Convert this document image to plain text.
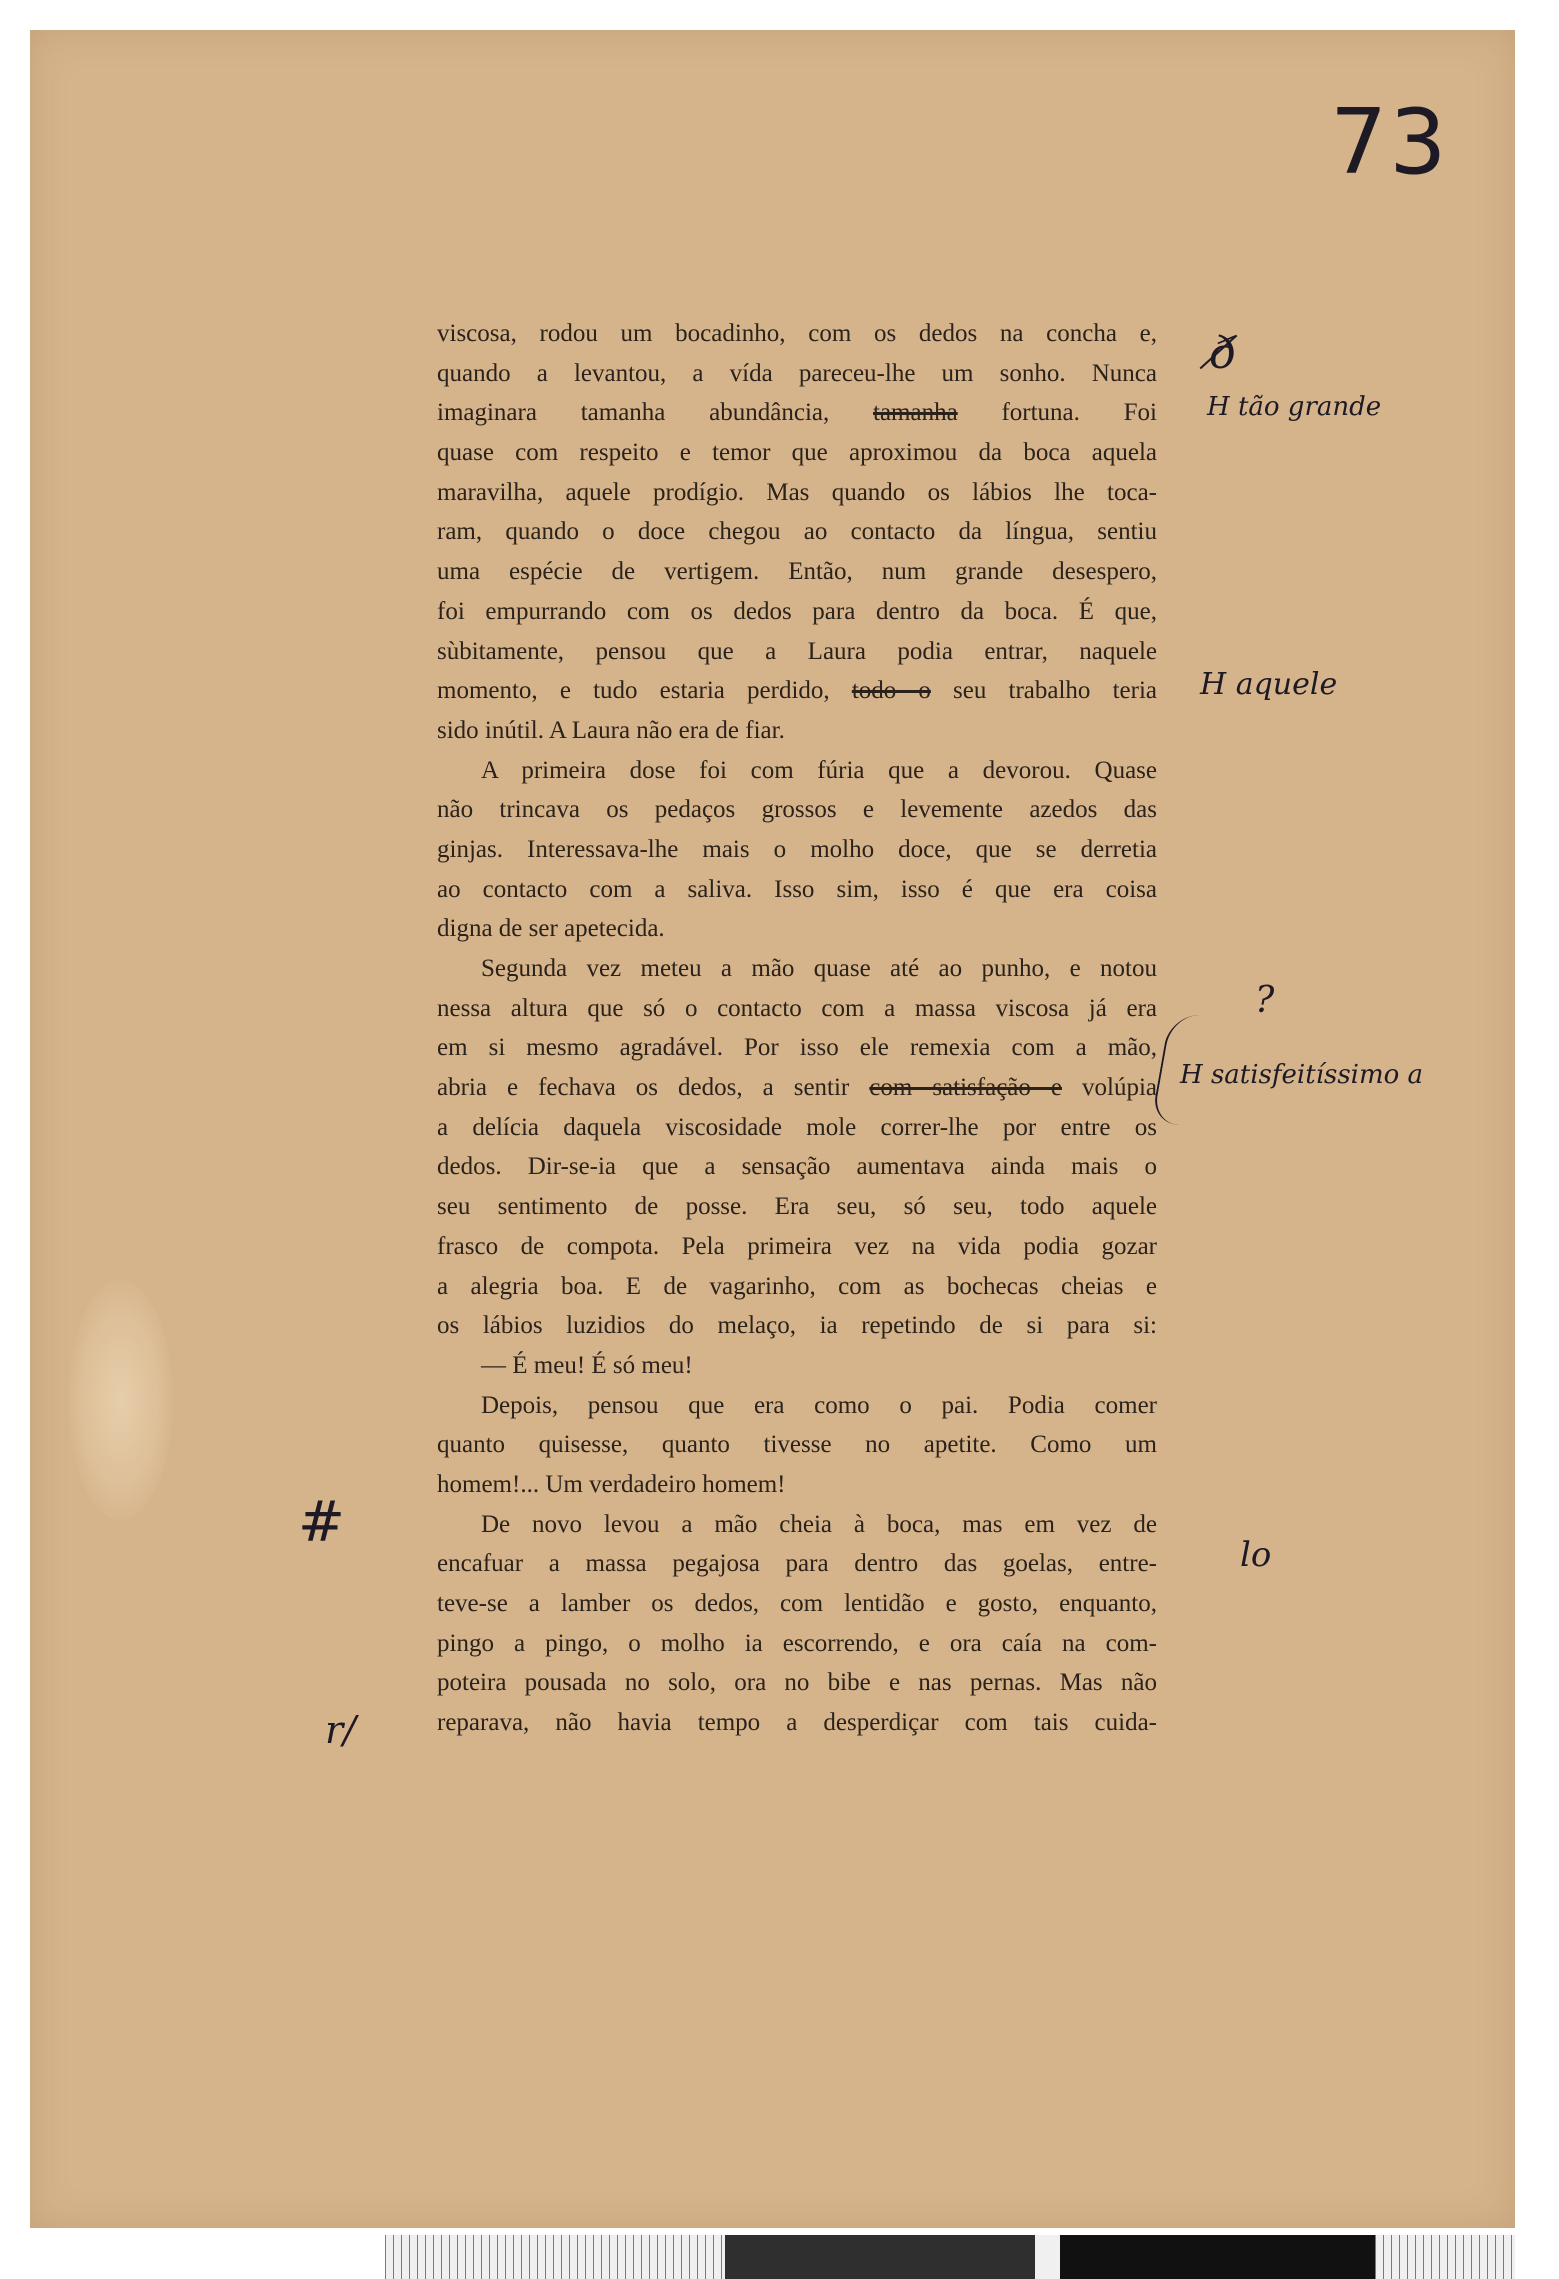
73
viscosa, rodou um bocadinho, com os dedos na concha e,
quando a levantou, a vída pareceu-lhe um sonho. Nunca
imaginara tamanha abundância, tamanha fortuna. Foi
quase com respeito e temor que aproximou da boca aquela
maravilha, aquele prodígio. Mas quando os lábios lhe toca-
ram, quando o doce chegou ao contacto da língua, sentiu
uma espécie de vertigem. Então, num grande desespero,
foi empurrando com os dedos para dentro da boca. É que,
sùbitamente, pensou que a Laura podia entrar, naquele
momento, e tudo estaria perdido, todo o seu trabalho teria
sido inútil. A Laura não era de fiar.
A primeira dose foi com fúria que a devorou. Quase
não trincava os pedaços grossos e levemente azedos das
ginjas. Interessava-lhe mais o molho doce, que se derretia
ao contacto com a saliva. Isso sim, isso é que era coisa
digna de ser apetecida.
Segunda vez meteu a mão quase até ao punho, e notou
nessa altura que só o contacto com a massa viscosa já era
em si mesmo agradável. Por isso ele remexia com a mão,
abria e fechava os dedos, a sentir com satisfação e volúpia
a delícia daquela viscosidade mole correr-lhe por entre os
dedos. Dir-se-ia que a sensação aumentava ainda mais o
seu sentimento de posse. Era seu, só seu, todo aquele
frasco de compota. Pela primeira vez na vida podia gozar
a alegria boa. E de vagarinho, com as bochecas cheias e
os lábios luzidios do melaço, ia repetindo de si para si:
— É meu! É só meu!
Depois, pensou que era como o pai. Podia comer
quanto quisesse, quanto tivesse no apetite. Como um
homem!... Um verdadeiro homem!
De novo levou a mão cheia à boca, mas em vez de
encafuar a massa pegajosa para dentro das goelas, entre-
teve-se a lamber os dedos, com lentidão e gosto, enquanto,
pingo a pingo, o molho ia escorrendo, e ora caía na com-
poteira pousada no solo, ora no bibe e nas pernas. Mas não
reparava, não havia tempo a desperdiçar com tais cuida-
ð̸
H tão grande
H aquele
?
H satisfeitíssimo a
#	lo
r/
